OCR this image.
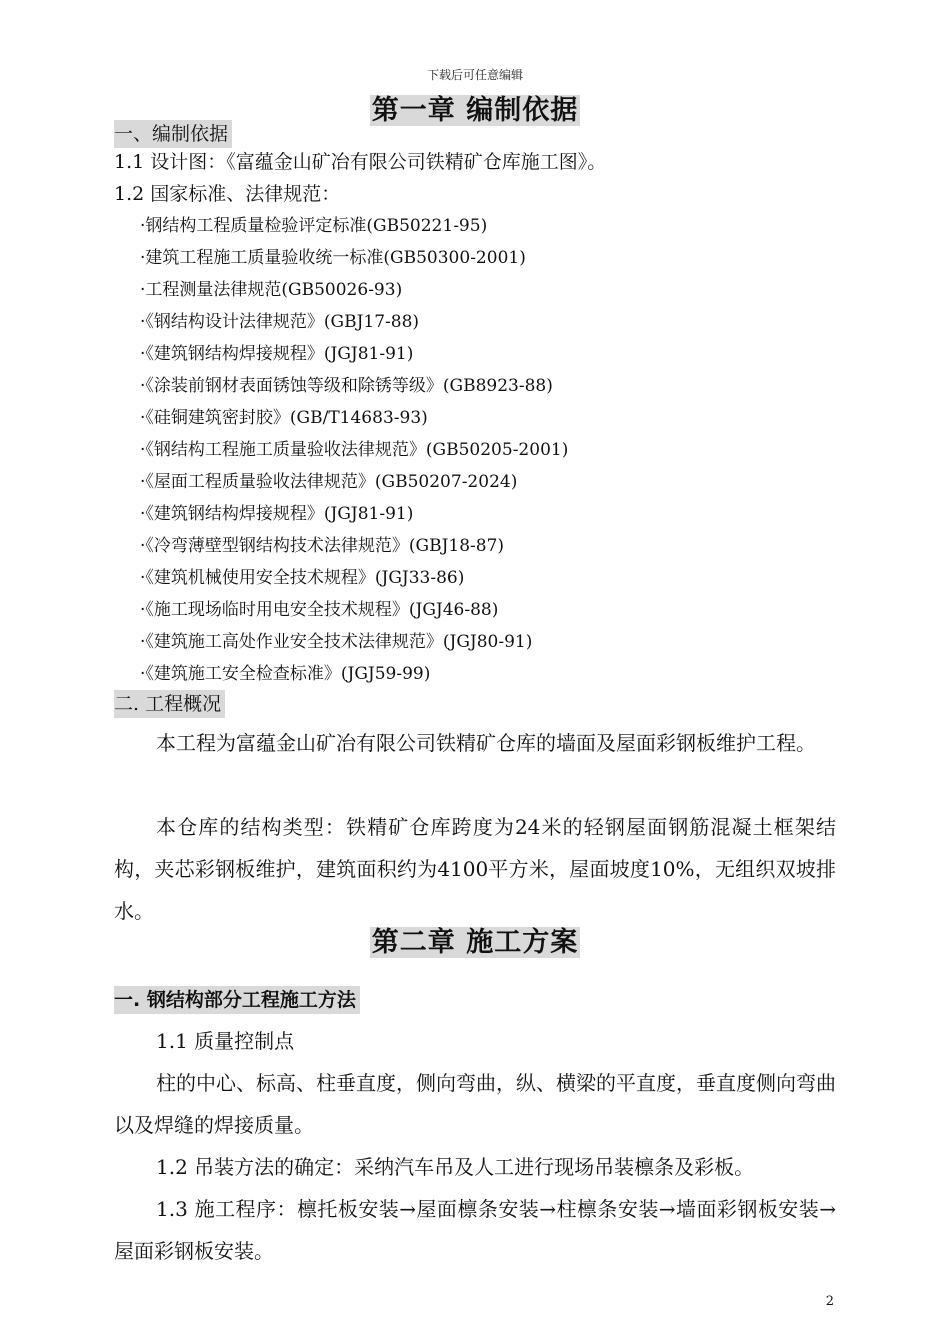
下载后可任意编辑
第一章 编制依据
一、编制依据
1.1 设计图：《富蕴金山矿冶有限公司铁精矿仓库施工图》。
1.2 国家标准、法律规范：
·钢结构工程质量检验评定标准(GB50221-95)
·建筑工程施工质量验收统一标准(GB50300-2001)
·工程测量法律规范(GB50026-93)
·《钢结构设计法律规范》(GBJ17-88)
·《建筑钢结构焊接规程》(JGJ81-91)
·《涂装前钢材表面锈蚀等级和除锈等级》(GB8923-88)
·《硅铜建筑密封胶》(GB/T14683-93)
·《钢结构工程施工质量验收法律规范》(GB50205-2001)
·《屋面工程质量验收法律规范》(GB50207-2024)
·《建筑钢结构焊接规程》(JGJ81-91)
·《冷弯薄壁型钢结构技术法律规范》(GBJ18-87)
·《建筑机械使用安全技术规程》(JGJ33-86)
·《施工现场临时用电安全技术规程》(JGJ46-88)
·《建筑施工高处作业安全技术法律规范》(JGJ80-91)
·《建筑施工安全检查标准》(JGJ59-99)
二. 工程概况
本工程为富蕴金山矿冶有限公司铁精矿仓库的墙面及屋面彩钢板维护工程。
本仓库的结构类型：铁精矿仓库跨度为24米的轻钢屋面钢筋混凝土框架结构，夹芯彩钢板维护，建筑面积约为4100平方米，屋面坡度10%，无组织双坡排水。
第二章 施工方案
一. 钢结构部分工程施工方法
1.1 质量控制点
柱的中心、标高、柱垂直度，侧向弯曲，纵、横梁的平直度，垂直度侧向弯曲以及焊缝的焊接质量。
1.2 吊装方法的确定：采纳汽车吊及人工进行现场吊装檩条及彩板。
1.3 施工程序：檩托板安装→屋面檩条安装→柱檩条安装→墙面彩钢板安装→屋面彩钢板安装。
2
